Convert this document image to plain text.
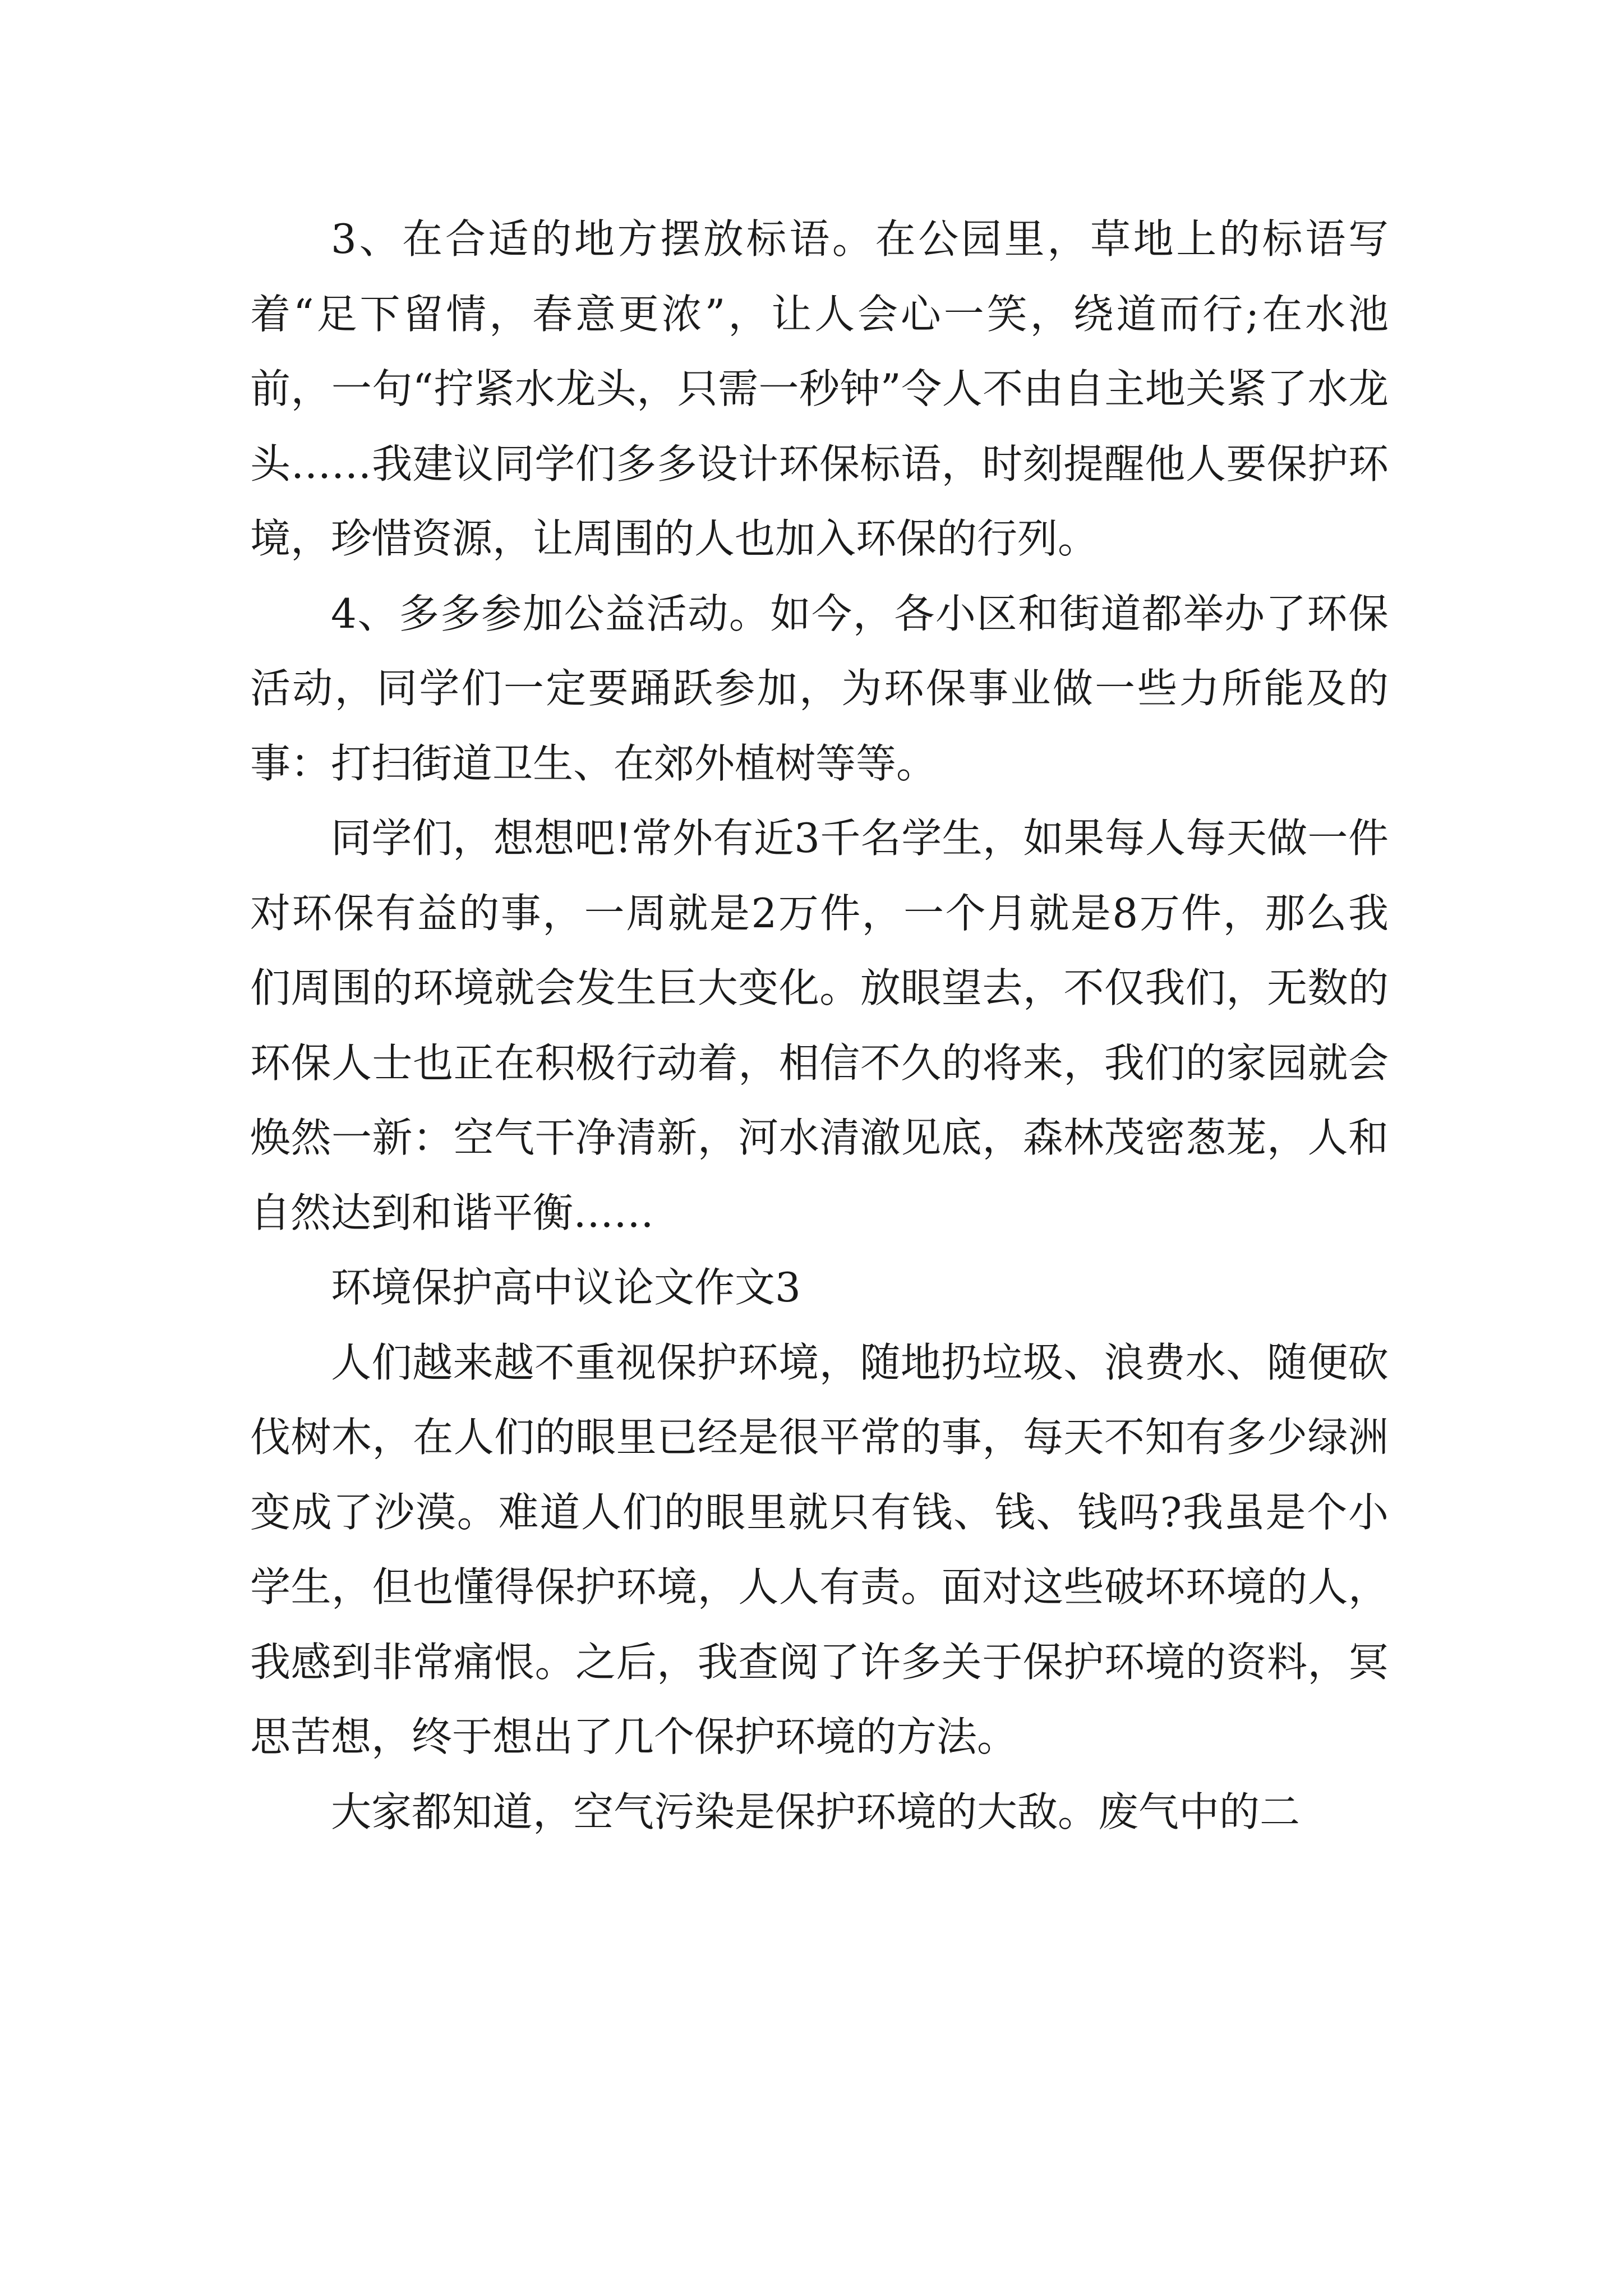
3、在合适的地方摆放标语。在公园里，草地上的标语写着“足下留情，春意更浓”，让人会心一笑，绕道而行;在水池前，一句“拧紧水龙头，只需一秒钟”令人不由自主地关紧了水龙头……我建议同学们多多设计环保标语，时刻提醒他人要保护环境，珍惜资源，让周围的人也加入环保的行列。

4、多多参加公益活动。如今，各小区和街道都举办了环保活动，同学们一定要踊跃参加，为环保事业做一些力所能及的事：打扫街道卫生、在郊外植树等等。

同学们，想想吧!常外有近3千名学生，如果每人每天做一件对环保有益的事，一周就是2万件，一个月就是8万件，那么我们周围的环境就会发生巨大变化。放眼望去，不仅我们，无数的环保人士也正在积极行动着，相信不久的将来，我们的家园就会焕然一新：空气干净清新，河水清澈见底，森林茂密葱茏，人和自然达到和谐平衡……

环境保护高中议论文作文3

人们越来越不重视保护环境，随地扔垃圾、浪费水、随便砍伐树木，在人们的眼里已经是很平常的事，每天不知有多少绿洲变成了沙漠。难道人们的眼里就只有钱、钱、钱吗?我虽是个小学生，但也懂得保护环境，人人有责。面对这些破坏环境的人，我感到非常痛恨。之后，我查阅了许多关于保护环境的资料，冥思苦想，终于想出了几个保护环境的方法。

大家都知道，空气污染是保护环境的大敌。废气中的二
